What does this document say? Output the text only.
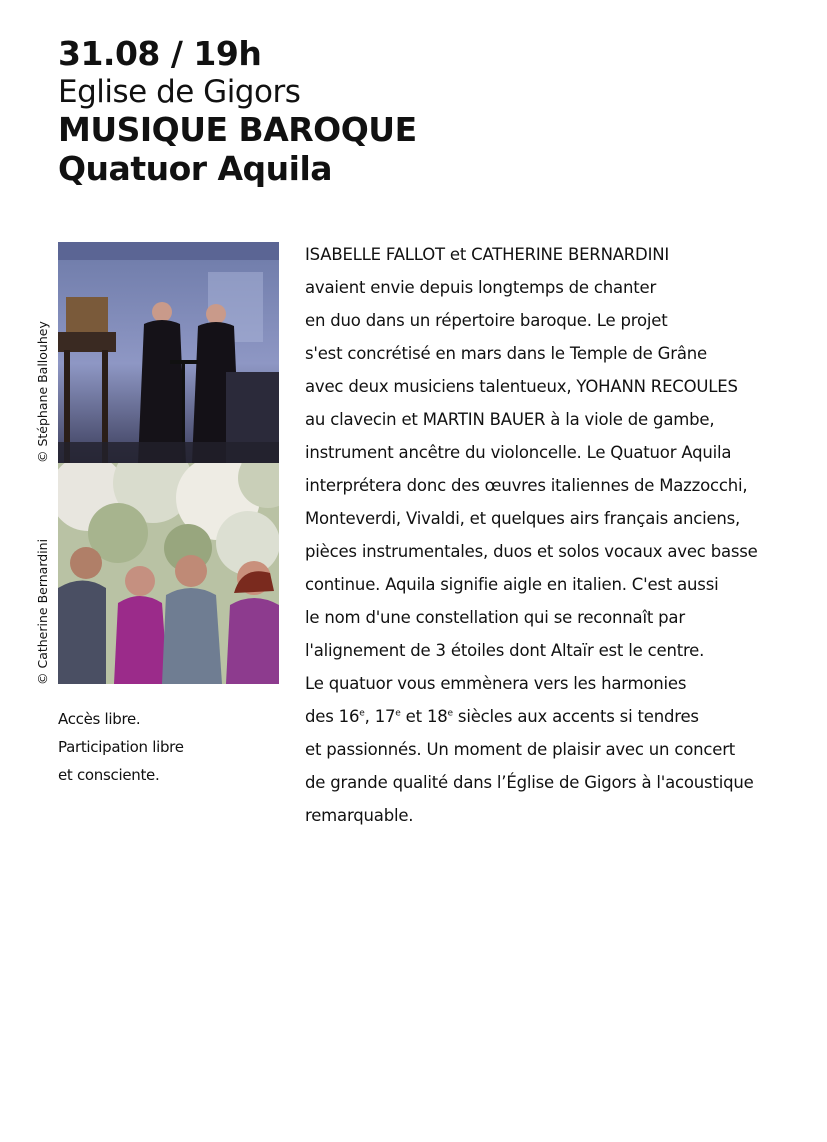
31.08 / 19h
Eglise de Gigors
MUSIQUE BAROQUE
Quatuor Aquila
© Stéphane Ballouhey
© Catherine Bernardini
Accès libre.
Participation libre
et consciente.
ISABELLE FALLOT et CATHERINE BERNARDINI
avaient envie depuis longtemps de chanter
en duo dans un répertoire baroque. Le projet
s'est concrétisé en mars dans le Temple de Grâne
avec deux musiciens talentueux, YOHANN RECOULES
au clavecin et MARTIN BAUER à la viole de gambe,
instrument ancêtre du violoncelle. Le Quatuor Aquila
interprétera donc des œuvres italiennes de Mazzocchi,
Monteverdi, Vivaldi, et quelques airs français anciens,
pièces instrumentales, duos et solos vocaux avec basse
continue. Aquila signifie aigle en italien. C'est aussi
le nom d'une constellation qui se reconnaît par
l'alignement de 3 étoiles dont Altaïr est le centre.
Le quatuor vous emmènera vers les harmonies
des 16e, 17e et 18e siècles aux accents si tendres
et passionnés. Un moment de plaisir avec un concert
de grande qualité dans l’Église de Gigors à l'acoustique
remarquable.
